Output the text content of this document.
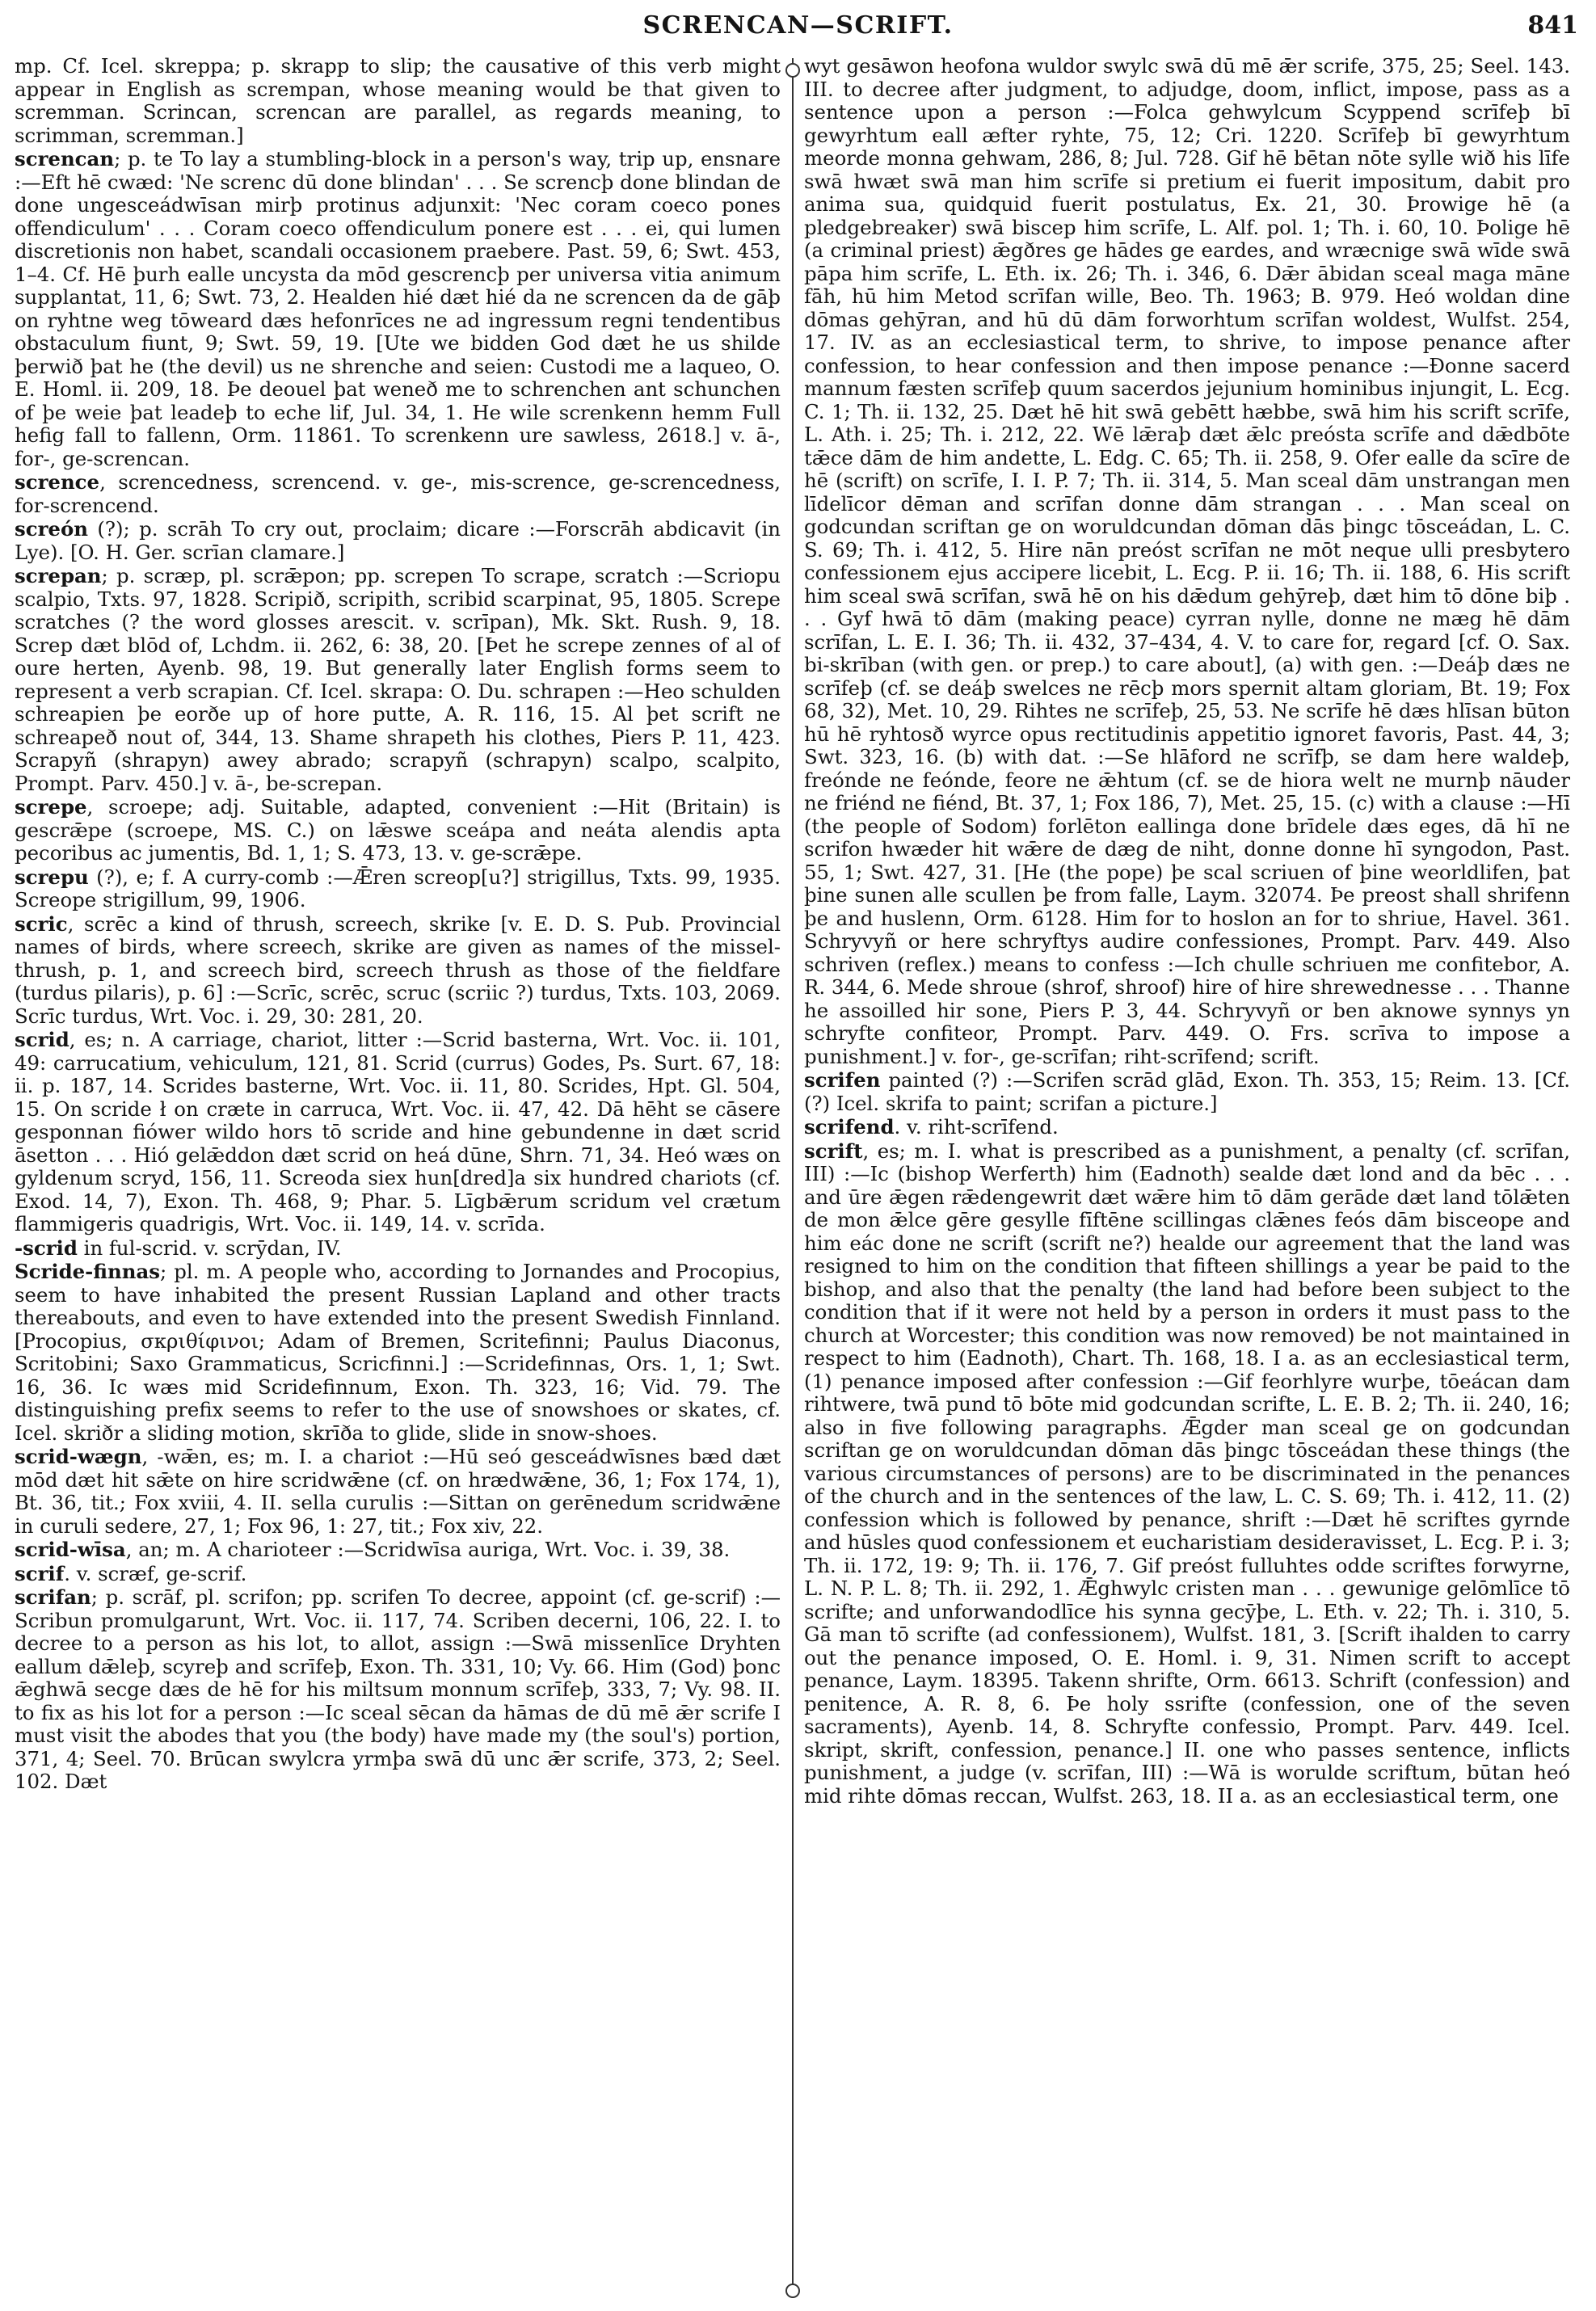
SCRENCAN—SCRIFT.	841

mp. Cf. Icel. skreppa; p. skrapp to slip; the causative of this verb might appear in English as scrempan, whose meaning would be that given to scremman. Scrincan, screncan are parallel, as regards meaning, to scrimman, scremman.]

screncan; p. te To lay a stumbling-block in a person's way, trip up, ensnare :—Eft hē cwæd: 'Ne screnc dū done blindan' . . . Se screncþ done blindan de done ungesceádwīsan mirþ protinus adjunxit: 'Nec coram coeco pones offendiculum' . . . Coram coeco offendiculum ponere est . . . ei, qui lumen discretionis non habet, scandali occasionem praebere. Past. 59, 6; Swt. 453, 1–4. Cf. Hē þurh ealle uncysta da mōd gescrencþ per universa vitia animum supplantat, 11, 6; Swt. 73, 2. Healden hié dæt hié da ne screncen da de gāþ on ryhtne weg tōweard dæs hefonrīces ne ad ingressum regni tendentibus obstaculum fiunt, 9; Swt. 59, 19. [Ute we bidden God dæt he us shilde þerwið þat he (the devil) us ne shrenche and seien: Custodi me a laqueo, O. E. Homl. ii. 209, 18. Þe deouel þat weneð me to schrenchen ant schunchen of þe weie þat leadeþ to eche lif, Jul. 34, 1. He wile screnkenn hemm Full hefig fall to fallenn, Orm. 11861. To screnkenn ure sawless, 2618.] v. ā-, for-, ge-screncan.

scrence, screncedness, screncend. v. ge-, mis-scrence, ge-screncedness, for-screncend.

screón (?); p. scrāh To cry out, proclaim; dicare :—Forscrāh abdicavit (in Lye). [O. H. Ger. scrīan clamare.]

screpan; p. scræp, pl. scrǣpon; pp. screpen To scrape, scratch :—Scriopu scalpio, Txts. 97, 1828. Scripið, scripith, scribid scarpinat, 95, 1805. Screpe scratches (? the word glosses arescit. v. scrīpan), Mk. Skt. Rush. 9, 18. Screp dæt blōd of, Lchdm. ii. 262, 6: 38, 20. [Þet he screpe zennes of al of oure herten, Ayenb. 98, 19. But generally later English forms seem to represent a verb scrapian. Cf. Icel. skrapa: O. Du. schrapen :—Heo schulden schreapien þe eorðe up of hore putte, A. R. 116, 15. Al þet scrift ne schreapeð nout of, 344, 13. Shame shrapeth his clothes, Piers P. 11, 423. Scrapyñ (shrapyn) awey abrado; scrapyñ (schrapyn) scalpo, scalpito, Prompt. Parv. 450.] v. ā-, be-screpan.

screpe, scroepe; adj. Suitable, adapted, convenient :—Hit (Britain) is gescrǣpe (scroepe, MS. C.) on lǣswe sceápa and neáta alendis apta pecoribus ac jumentis, Bd. 1, 1; S. 473, 13. v. ge-scrǣpe.

screpu (?), e; f. A curry-comb :—Ǣren screop[u?] strigillus, Txts. 99, 1935. Screope strigillum, 99, 1906.

scric, scrēc a kind of thrush, screech, skrike [v. E. D. S. Pub. Provincial names of birds, where screech, skrike are given as names of the missel-thrush, p. 1, and screech bird, screech thrush as those of the fieldfare (turdus pilaris), p. 6] :—Scrīc, scrēc, scruc (scriic ?) turdus, Txts. 103, 2069. Scrīc turdus, Wrt. Voc. i. 29, 30: 281, 20.

scrid, es; n. A carriage, chariot, litter :—Scrid basterna, Wrt. Voc. ii. 101, 49: carrucatium, vehiculum, 121, 81. Scrid (currus) Godes, Ps. Surt. 67, 18: ii. p. 187, 14. Scrides basterne, Wrt. Voc. ii. 11, 80. Scrides, Hpt. Gl. 504, 15. On scride ł on cræte in carruca, Wrt. Voc. ii. 47, 42. Dā hēht se cāsere gesponnan fiówer wildo hors tō scride and hine gebundenne in dæt scrid āsetton . . . Hió gelǣddon dæt scrid on heá dūne, Shrn. 71, 34. Heó wæs on gyldenum scryd, 156, 11. Screoda siex hun[dred]a six hundred chariots (cf. Exod. 14, 7), Exon. Th. 468, 9; Phar. 5. Līgbǣrum scridum vel crætum flammigeris quadrigis, Wrt. Voc. ii. 149, 14. v. scrīda.

-scrid in ful-scrid. v. scrȳdan, IV.

Scride-finnas; pl. m. A people who, according to Jornandes and Procopius, seem to have inhabited the present Russian Lapland and other tracts thereabouts, and even to have extended into the present Swedish Finnland. [Procopius, σκριθίφινοι; Adam of Bremen, Scritefinni; Paulus Diaconus, Scritobini; Saxo Grammaticus, Scricfinni.] :—Scridefinnas, Ors. 1, 1; Swt. 16, 36. Ic wæs mid Scridefinnum, Exon. Th. 323, 16; Vid. 79. The distinguishing prefix seems to refer to the use of snowshoes or skates, cf. Icel. skriðr a sliding motion, skrīða to glide, slide in snow-shoes.

scrid-wægn, -wǣn, es; m. I. a chariot :—Hū seó gesceádwīsnes bæd dæt mōd dæt hit sǣte on hire scridwǣne (cf. on hrædwǣne, 36, 1; Fox 174, 1), Bt. 36, tit.; Fox xviii, 4. II. sella curulis :—Sittan on gerēnedum scridwǣne in curuli sedere, 27, 1; Fox 96, 1: 27, tit.; Fox xiv, 22.

scrid-wīsa, an; m. A charioteer :—Scridwīsa auriga, Wrt. Voc. i. 39, 38.

scrif. v. scræf, ge-scrif.

scrifan; p. scrāf, pl. scrifon; pp. scrifen To decree, appoint (cf. ge-scrif) :—Scribun promulgarunt, Wrt. Voc. ii. 117, 74. Scriben decerni, 106, 22. I. to decree to a person as his lot, to allot, assign :—Swā missenlīce Dryhten eallum dǣleþ, scyreþ and scrīfeþ, Exon. Th. 331, 10; Vy. 66. Him (God) þonc ǣghwā secge dæs de hē for his miltsum monnum scrīfeþ, 333, 7; Vy. 98. II. to fix as his lot for a person :—Ic sceal sēcan da hāmas de dū mē ǣr scrife I must visit the abodes that you (the body) have made my (the soul's) portion, 371, 4; Seel. 70. Brūcan swylcra yrmþa swā dū unc ǣr scrife, 373, 2; Seel. 102. Dæt

wyt gesāwon heofona wuldor swylc swā dū mē ǣr scrife, 375, 25; Seel. 143. III. to decree after judgment, to adjudge, doom, inflict, impose, pass as a sentence upon a person :—Folca gehwylcum Scyppend scrīfeþ bī gewyrhtum eall æfter ryhte, 75, 12; Cri. 1220. Scrīfeþ bī gewyrhtum meorde monna gehwam, 286, 8; Jul. 728. Gif hē bētan nōte sylle wið his līfe swā hwæt swā man him scrīfe si pretium ei fuerit impositum, dabit pro anima sua, quidquid fuerit postulatus, Ex. 21, 30. Þrowige hē (a pledgebreaker) swā biscep him scrīfe, L. Alf. pol. 1; Th. i. 60, 10. Þolige hē (a criminal priest) ǣgðres ge hādes ge eardes, and wræcnige swā wīde swā pāpa him scrīfe, L. Eth. ix. 26; Th. i. 346, 6. Dǣr ābidan sceal maga māne fāh, hū him Metod scrīfan wille, Beo. Th. 1963; B. 979. Heó woldan dine dōmas gehȳran, and hū dū dām forworhtum scrīfan woldest, Wulfst. 254, 17. IV. as an ecclesiastical term, to shrive, to impose penance after confession, to hear confession and then impose penance :—Ðonne sacerd mannum fæsten scrīfeþ quum sacerdos jejunium hominibus injungit, L. Ecg. C. 1; Th. ii. 132, 25. Dæt hē hit swā gebētt hæbbe, swā him his scrift scrīfe, L. Ath. i. 25; Th. i. 212, 22. Wē lǣraþ dæt ǣlc preósta scrīfe and dǣdbōte tǣce dām de him andette, L. Edg. C. 65; Th. ii. 258, 9. Ofer ealle da scīre de hē (scrift) on scrīfe, I. I. P. 7; Th. ii. 314, 5. Man sceal dām unstrangan men līdelīcor dēman and scrīfan donne dām strangan . . . Man sceal on godcundan scriftan ge on woruldcundan dōman dās þingc tōsceádan, L. C. S. 69; Th. i. 412, 5. Hire nān preóst scrīfan ne mōt neque ulli presbytero confessionem ejus accipere licebit, L. Ecg. P. ii. 16; Th. ii. 188, 6. His scrift him sceal swā scrīfan, swā hē on his dǣdum gehȳreþ, dæt him tō dōne biþ . . . Gyf hwā tō dām (making peace) cyrran nylle, donne ne mæg hē dām scrīfan, L. E. I. 36; Th. ii. 432, 37–434, 4. V. to care for, regard [cf. O. Sax. bi-skrīban (with gen. or prep.) to care about], (a) with gen. :—Deáþ dæs ne scrīfeþ (cf. se deáþ swelces ne rēcþ mors spernit altam gloriam, Bt. 19; Fox 68, 32), Met. 10, 29. Rihtes ne scrīfeþ, 25, 53. Ne scrīfe hē dæs hlīsan būton hū hē ryhtosð wyrce opus rectitudinis appetitio ignoret favoris, Past. 44, 3; Swt. 323, 16. (b) with dat. :—Se hlāford ne scrīfþ, se dam here waldeþ, freónde ne feónde, feore ne ǣhtum (cf. se de hiora welt ne murnþ nāuder ne friénd ne fiénd, Bt. 37, 1; Fox 186, 7), Met. 25, 15. (c) with a clause :—Hī (the people of Sodom) forlēton eallinga done brīdele dæs eges, dā hī ne scrifon hwæder hit wǣre de dæg de niht, donne donne hī syngodon, Past. 55, 1; Swt. 427, 31. [He (the pope) þe scal scriuen of þine weorldlifen, þat þine sunen alle scullen þe from falle, Laym. 32074. Þe preost shall shrifenn þe and huslenn, Orm. 6128. Him for to hoslon an for to shriue, Havel. 361. Schryvyñ or here schryftys audire confessiones, Prompt. Parv. 449. Also schriven (reflex.) means to confess :—Ich chulle schriuen me confitebor, A. R. 344, 6. Mede shroue (shrof, shroof) hire of hire shrewednesse . . . Thanne he assoilled hir sone, Piers P. 3, 44. Schryvyñ or ben aknowe synnys yn schryfte confiteor, Prompt. Parv. 449. O. Frs. scrīva to impose a punishment.] v. for-, ge-scrīfan; riht-scrīfend; scrift.

scrifen painted (?) :—Scrifen scrād glād, Exon. Th. 353, 15; Reim. 13. [Cf. (?) Icel. skrifa to paint; scrifan a picture.]

scrifend. v. riht-scrīfend.

scrift, es; m. I. what is prescribed as a punishment, a penalty (cf. scrīfan, III) :—Ic (bishop Werferth) him (Eadnoth) sealde dæt lond and da bēc . . . and ūre ǣgen rǣdengewrit dæt wǣre him tō dām gerāde dæt land tōlǣten de mon ǣlce gēre gesylle fīftēne scillingas clǣnes feós dām bisceope and him eác done ne scrift (scrift ne?) healde our agreement that the land was resigned to him on the condition that fifteen shillings a year be paid to the bishop, and also that the penalty (the land had before been subject to the condition that if it were not held by a person in orders it must pass to the church at Worcester; this condition was now removed) be not maintained in respect to him (Eadnoth), Chart. Th. 168, 18. I a. as an ecclesiastical term, (1) penance imposed after confession :—Gif feorhlyre wurþe, tōeácan dam rihtwere, twā pund tō bōte mid godcundan scrifte, L. E. B. 2; Th. ii. 240, 16; also in five following paragraphs. Ǣgder man sceal ge on godcundan scriftan ge on woruldcundan dōman dās þingc tōsceádan these things (the various circumstances of persons) are to be discriminated in the penances of the church and in the sentences of the law, L. C. S. 69; Th. i. 412, 11. (2) confession which is followed by penance, shrift :—Dæt hē scriftes gyrnde and hūsles quod confessionem et eucharistiam desideravisset, L. Ecg. P. i. 3; Th. ii. 172, 19: 9; Th. ii. 176, 7. Gif preóst fulluhtes odde scriftes forwyrne, L. N. P. L. 8; Th. ii. 292, 1. Ǣghwylc cristen man . . . gewunige gelōmlīce tō scrifte; and unforwandodlīce his synna gecȳþe, L. Eth. v. 22; Th. i. 310, 5. Gā man tō scrifte (ad confessionem), Wulfst. 181, 3. [Scrift ihalden to carry out the penance imposed, O. E. Homl. i. 9, 31. Nimen scrift to accept penance, Laym. 18395. Takenn shrifte, Orm. 6613. Schrift (confession) and penitence, A. R. 8, 6. Þe holy ssrifte (confession, one of the seven sacraments), Ayenb. 14, 8. Schryfte confessio, Prompt. Parv. 449. Icel. skript, skrift, confession, penance.] II. one who passes sentence, inflicts punishment, a judge (v. scrīfan, III) :—Wā is worulde scriftum, būtan heó mid rihte dōmas reccan, Wulfst. 263, 18. II a. as an ecclesiastical term, one
